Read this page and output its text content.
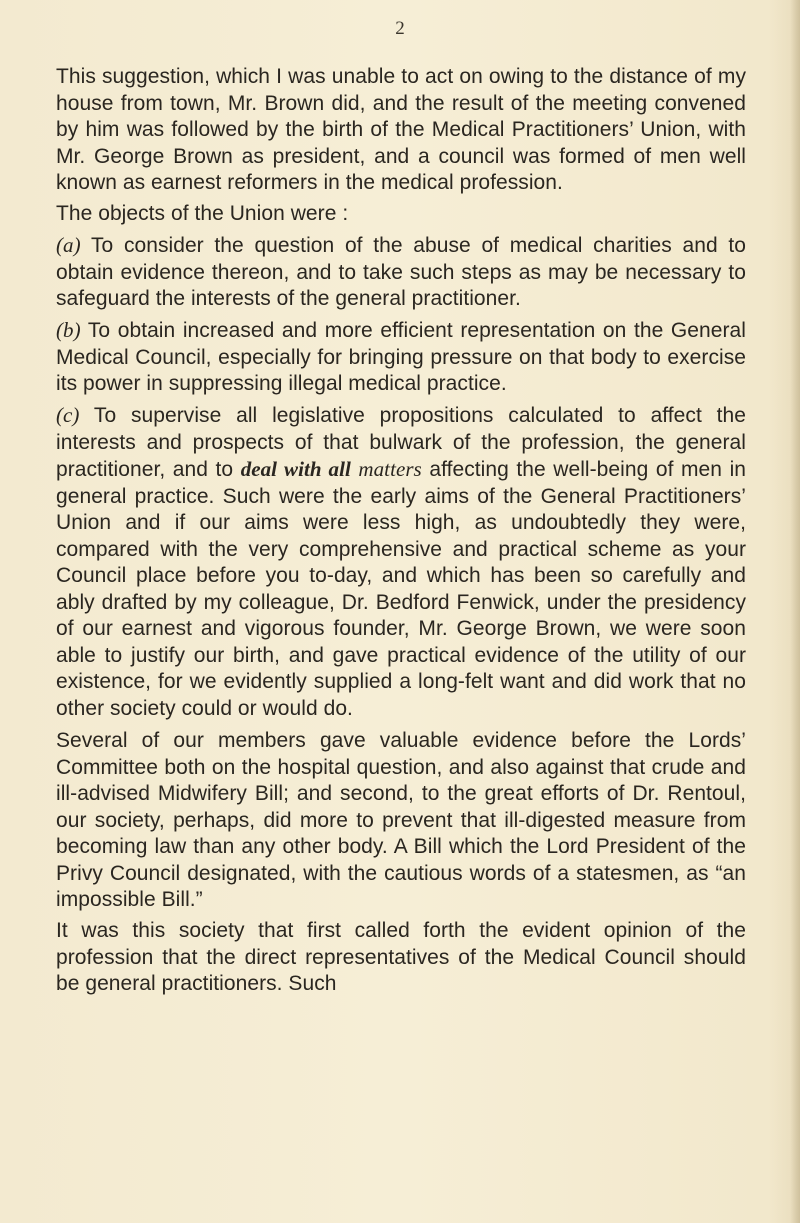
2

This suggestion, which I was unable to act on owing to the distance of my house from town, Mr. Brown did, and the result of the meeting convened by him was followed by the birth of the Medical Practitioners’ Union, with Mr. George Brown as president, and a council was formed of men well known as earnest reformers in the medical profession.

The objects of the Union were :

(a) To consider the question of the abuse of medical charities and to obtain evidence thereon, and to take such steps as may be necessary to safeguard the interests of the general practitioner.

(b) To obtain increased and more efficient representation on the General Medical Council, especially for bringing pressure on that body to exercise its power in suppressing illegal medical practice.

(c) To supervise all legislative propositions calculated to affect the interests and prospects of that bulwark of the profession, the general practitioner, and to deal with all matters affecting the well-being of men in general practice. Such were the early aims of the General Practitioners’ Union and if our aims were less high, as undoubtedly they were, compared with the very comprehensive and practical scheme as your Council place before you to-day, and which has been so carefully and ably drafted by my colleague, Dr. Bedford Fenwick, under the presidency of our earnest and vigorous founder, Mr. George Brown, we were soon able to justify our birth, and gave practical evidence of the utility of our existence, for we evidently supplied a long-felt want and did work that no other society could or would do.

Several of our members gave valuable evidence before the Lords’ Committee both on the hospital question, and also against that crude and ill-advised Midwifery Bill; and second, to the great efforts of Dr. Rentoul, our society, perhaps, did more to prevent that ill-digested measure from becoming law than any other body. A Bill which the Lord President of the Privy Council designated, with the cautious words of a statesmen, as “an impossible Bill.”

It was this society that first called forth the evident opinion of the profession that the direct representatives of the Medical Council should be general practitioners. Such
